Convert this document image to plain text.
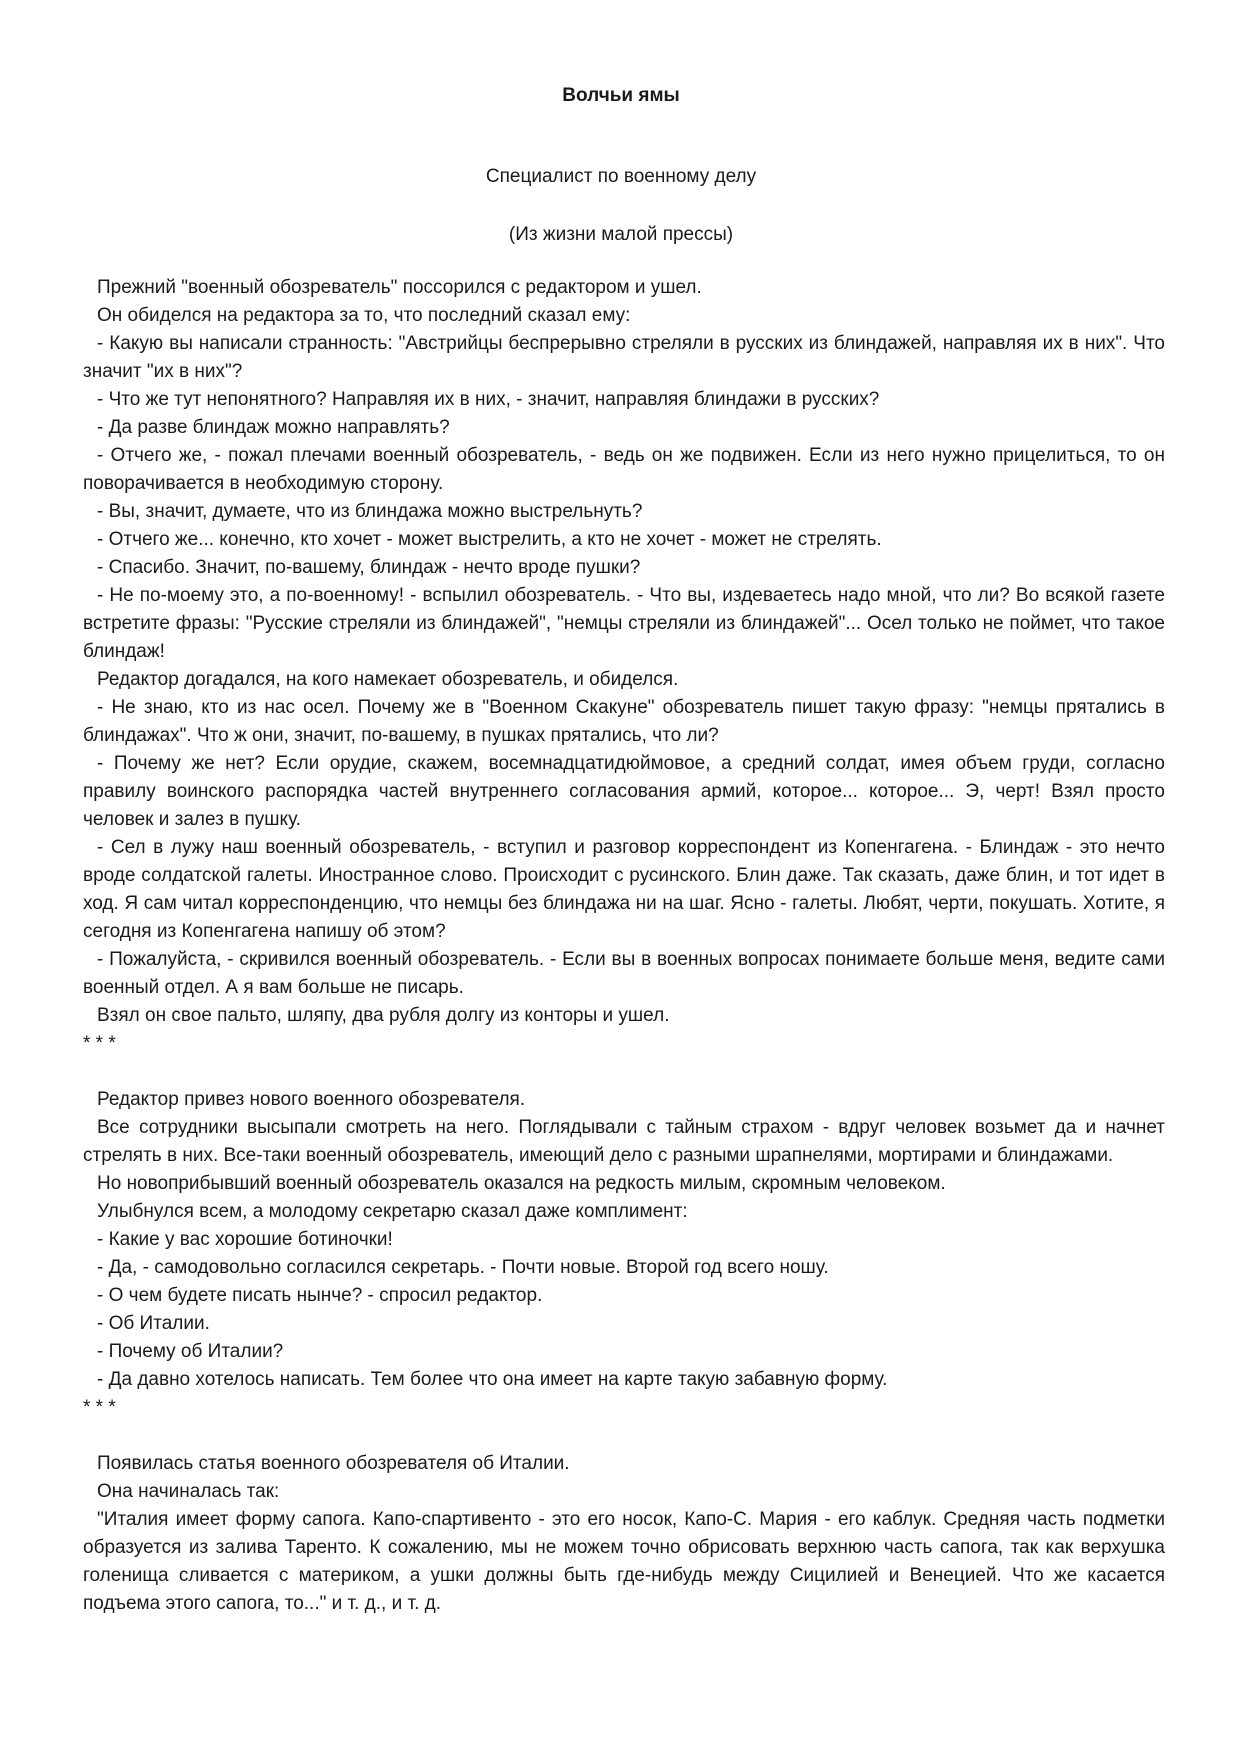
Волчьи ямы

Специалист по военному делу

(Из жизни малой прессы)

Прежний "военный обозреватель" поссорился с редактором и ушел.

Он обиделся на редактора за то, что последний сказал ему:

- Какую вы написали странность: "Австрийцы беспрерывно стреляли в русских из блиндажей, направляя их в них". Что значит "их в них"?

- Что же тут непонятного? Направляя их в них, - значит, направляя блиндажи в русских?

- Да разве блиндаж можно направлять?

- Отчего же, - пожал плечами военный обозреватель, - ведь он же подвижен. Если из него нужно прицелиться, то он поворачивается в необходимую сторону.

- Вы, значит, думаете, что из блиндажа можно выстрельнуть?

- Отчего же... конечно, кто хочет - может выстрелить, а кто не хочет - может не стрелять.

- Спасибо. Значит, по-вашему, блиндаж - нечто вроде пушки?

- Не по-моему это, а по-военному! - вспылил обозреватель. - Что вы, издеваетесь надо мной, что ли? Во всякой газете встретите фразы: "Русские стреляли из блиндажей", "немцы стреляли из блиндажей"... Осел только не поймет, что такое блиндаж!

Редактор догадался, на кого намекает обозреватель, и обиделся.

- Не знаю, кто из нас осел. Почему же в "Военном Скакуне" обозреватель пишет такую фразу: "немцы прятались в блиндажах". Что ж они, значит, по-вашему, в пушках прятались, что ли?

- Почему же нет? Если орудие, скажем, восемнадцатидюймовое, а средний солдат, имея объем груди, согласно правилу воинского распорядка частей внутреннего согласования армий, которое... которое... Э, черт! Взял просто человек и залез в пушку.

- Сел в лужу наш военный обозреватель, - вступил и разговор корреспондент из Копенгагена. - Блиндаж - это нечто вроде солдатской галеты. Иностранное слово. Происходит с русинского. Блин даже. Так сказать, даже блин, и тот идет в ход. Я сам читал корреспонденцию, что немцы без блиндажа ни на шаг. Ясно - галеты. Любят, черти, покушать. Хотите, я сегодня из Копенгагена напишу об этом?

- Пожалуйста, - скривился военный обозреватель. - Если вы в военных вопросах понимаете больше меня, ведите сами военный отдел. А я вам больше не писарь.

Взял он свое пальто, шляпу, два рубля долгу из конторы и ушел.

* * *

Редактор привез нового военного обозревателя.

Все сотрудники высыпали смотреть на него. Поглядывали с тайным страхом - вдруг человек возьмет да и начнет стрелять в них. Все-таки военный обозреватель, имеющий дело с разными шрапнелями, мортирами и блиндажами.

Но новоприбывший военный обозреватель оказался на редкость милым, скромным человеком.

Улыбнулся всем, а молодому секретарю сказал даже комплимент:

- Какие у вас хорошие ботиночки!

- Да, - самодовольно согласился секретарь. - Почти новые. Второй год всего ношу.

- О чем будете писать нынче? - спросил редактор.

- Об Италии.

- Почему об Италии?

- Да давно хотелось написать. Тем более что она имеет на карте такую забавную форму.

* * *

Появилась статья военного обозревателя об Италии.

Она начиналась так:

"Италия имеет форму сапога. Капо-спартивенто - это его носок, Капо-С. Мария - его каблук. Средняя часть подметки образуется из залива Таренто. К сожалению, мы не можем точно обрисовать верхнюю часть сапога, так как верхушка голенища сливается с материком, а ушки должны быть где-нибудь между Сицилией и Венецией. Что же касается подъема этого сапога, то..." и т. д., и т. д.
